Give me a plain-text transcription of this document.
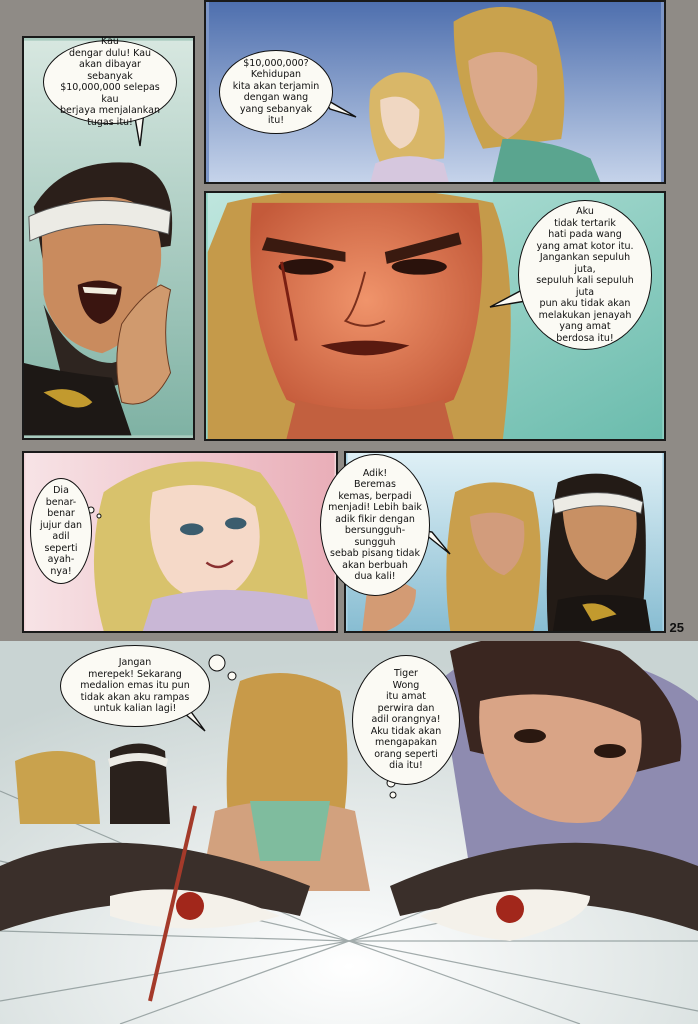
Kau
dengar dulu! Kau
akan dibayar sebanyak
$10,000,000 selepas kau
berjaya menjalankan
tugas itu!
$10,000,000?
Kehidupan
kita akan terjamin
dengan wang
yang sebanyak
itu!
Aku
tidak tertarik
hati pada wang
yang amat kotor itu.
Jangankan sepuluh juta,
sepuluh kali sepuluh juta
pun aku tidak akan
melakukan jenayah
yang amat
berdosa itu!
Dia
benar-
benar
jujur dan
adil seperti
ayah-
nya!
Adik!
Beremas
kemas, berpadi
menjadi! Lebih baik
adik fikir dengan
bersungguh-sungguh
sebab pisang tidak
akan berbuah
dua kali!
25
Jangan
merepek! Sekarang
medalion emas itu pun
tidak akan aku rampas
untuk kalian lagi!
Tiger
Wong
itu amat
perwira dan
adil orangnya!
Aku tidak akan
mengapakan
orang seperti
dia itu!
